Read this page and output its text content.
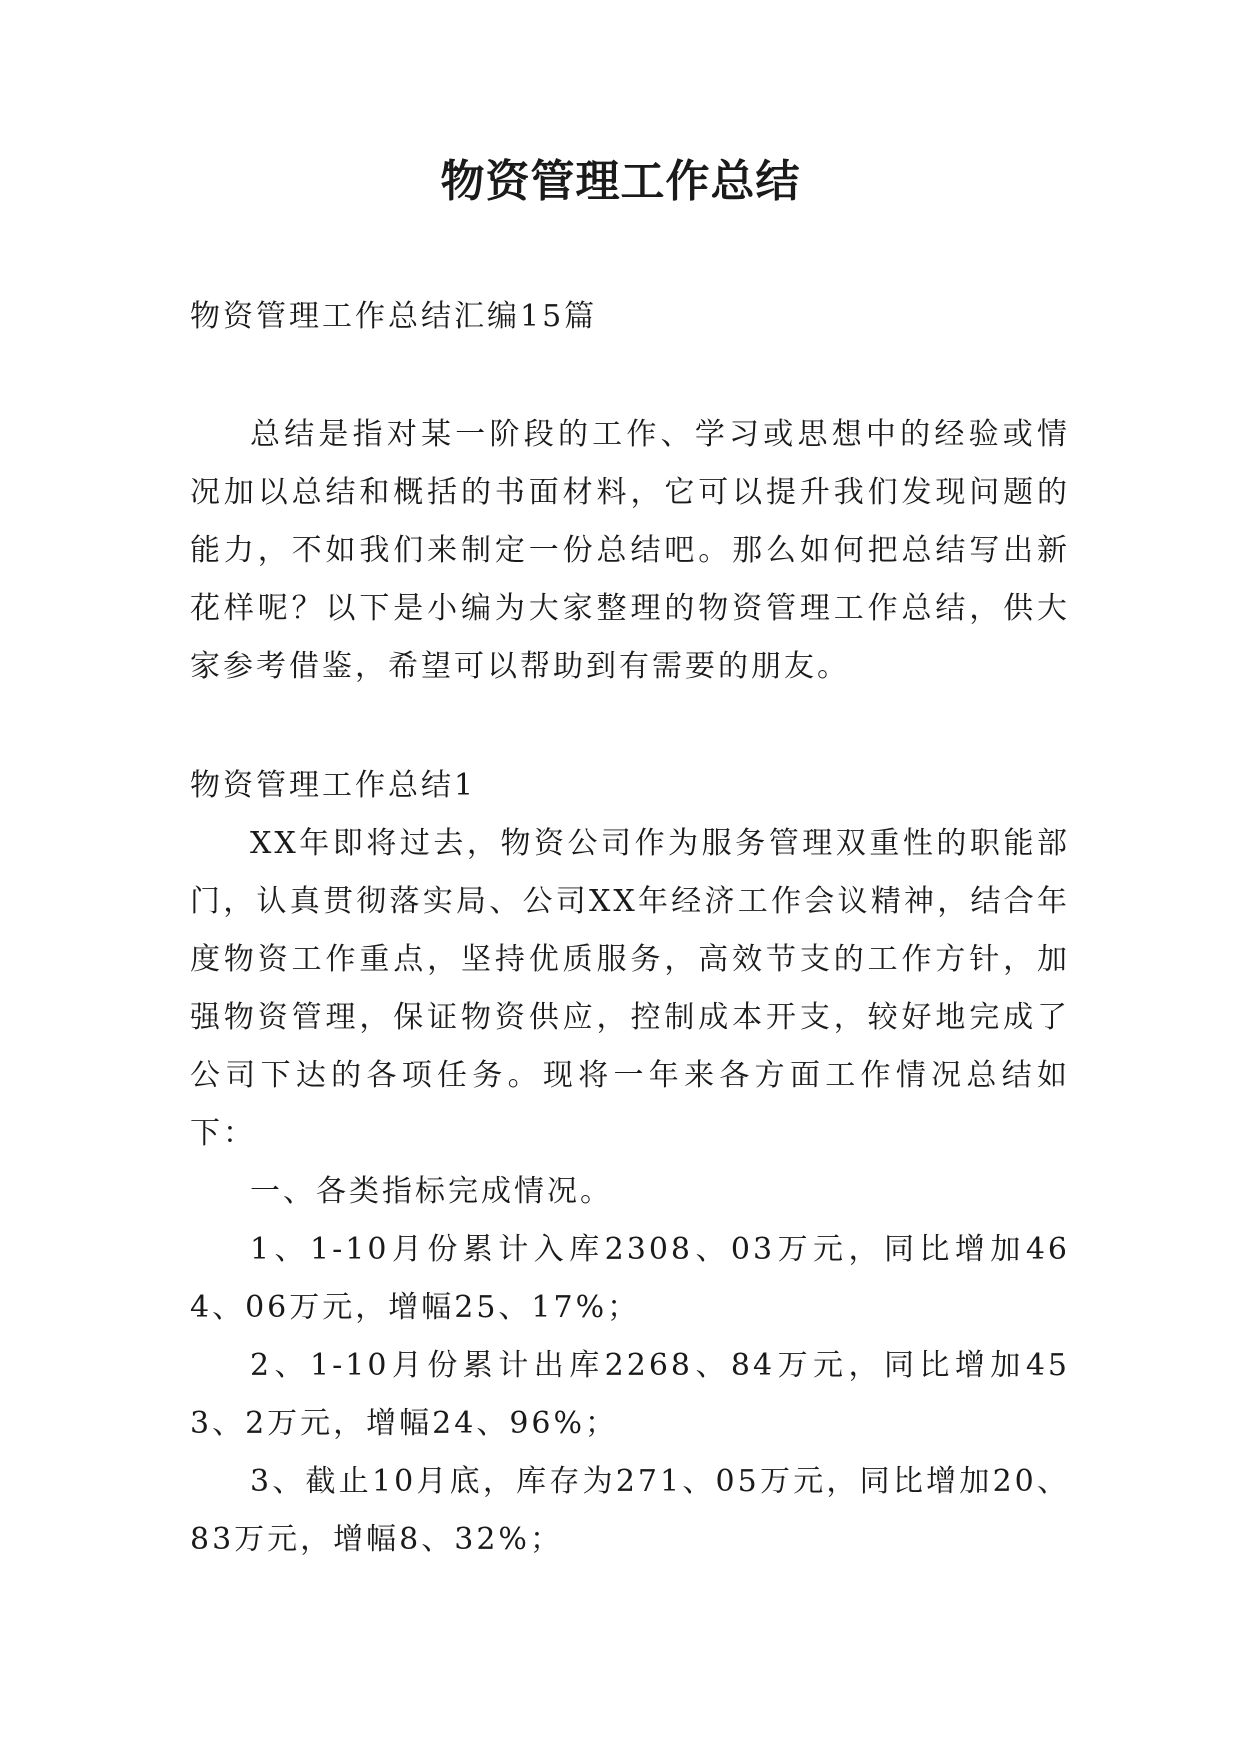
物资管理工作总结
物资管理工作总结汇编15篇

总结是指对某一阶段的工作、学习或思想中的经验或情况加以总结和概括的书面材料，它可以提升我们发现问题的能力，不如我们来制定一份总结吧。那么如何把总结写出新花样呢？以下是小编为大家整理的物资管理工作总结，供大家参考借鉴，希望可以帮助到有需要的朋友。

物资管理工作总结1

XX年即将过去，物资公司作为服务管理双重性的职能部门，认真贯彻落实局、公司XX年经济工作会议精神，结合年度物资工作重点，坚持优质服务，高效节支的工作方针，加强物资管理，保证物资供应，控制成本开支，较好地完成了公司下达的各项任务。现将一年来各方面工作情况总结如下：

一、各类指标完成情况。

1、1-10月份累计入库2308、03万元，同比增加464、06万元，增幅25、17%；

2、1-10月份累计出库2268、84万元，同比增加453、2万元，增幅24、96%；

3、截止10月底，库存为271、05万元，同比增加20、83万元，增幅8、32%；
